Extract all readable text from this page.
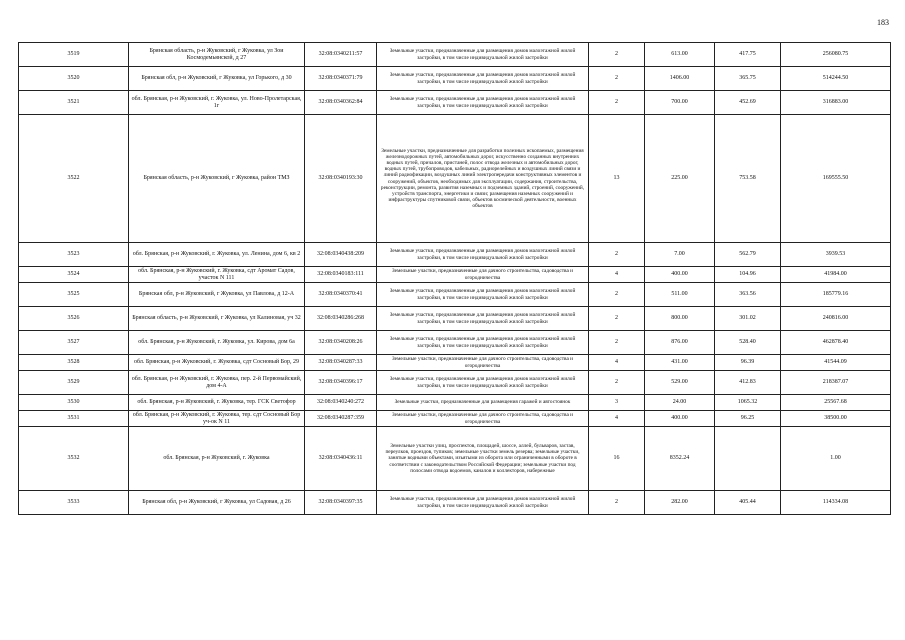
183
3519	Брянская область, р-н Жуковский, г Жуковка, ул Зои Космодемьянской, д 27	32:08:0340211:57	Земельные участки, предназначенные для размещения домов малоэтажной жилой застройки, в том числе индивидуальной жилой застройки	2	613.00	417.75	256080.75
3520	Брянская обл, р-н Жуковский, г Жуковка, ул Горького, д 30	32:08:0340371:79	Земельные участки, предназначенные для размещения домов малоэтажной жилой застройки, в том числе индивидуальной жилой застройки	2	1406.00	365.75	514244.50
3521	обл. Брянская, р-н Жуковский, г. Жуковка, ул. Ново-Пролетарская, 1г	32:08:0340362:84	Земельные участки, предназначенные для размещения домов малоэтажной жилой застройки, в том числе индивидуальной жилой застройки	2	700.00	452.69	316883.00
3522	Брянская область, р-н Жуковский, г Жуковка, район ТМЗ	32:08:0340193:30	Земельные участки, предназначенные для разработки полезных ископаемых, размещения железнодорожных путей, автомобильных дорог, искусственно созданных внутренних водных путей, причалов, пристаней, полос отвода железных и автомобильных дорог, водных путей, трубопроводов, кабельных, радиорелейных и воздушных линий связи и линий радиофикации, воздушных линий электропередачи конструктивных элементов и сооружений, объектов, необходимых для эксплуатации, содержания, строительства, реконструкции, ремонта, развития наземных и подземных зданий, строений, сооружений, устройств транспорта, энергетики и связи; размещения наземных сооружений и инфраструктуры спутниковой связи, объектов космической деятельности, военных объектов	13	225.00	753.58	169555.50
3523	обл. Брянская, р-н Жуковский, г. Жуковка, ул. Ленина, дом 6, кв 2	32:08:0340438:209	Земельные участки, предназначенные для размещения домов малоэтажной жилой застройки, в том числе индивидуальной жилой застройки	2	7.00	562.79	3939.53
3524	обл. Брянская, р-н Жуковский, г. Жуковка, сдт Аромат Садов, участок N 111	32:08:0340183:111	Земельные участки, предназначенные для дачного строительства, садоводства и огородничества	4	400.00	104.96	41984.00
3525	Брянская обл, р-н Жуковский, г Жуковка, ул Павлова, д 12-А	32:08:0340370:41	Земельные участки, предназначенные для размещения домов малоэтажной жилой застройки, в том числе индивидуальной жилой застройки	2	511.00	363.56	185779.16
3526	Брянская область, р-н Жуковский, г Жуковка, ул Калиновая, уч 32	32:08:0340286:268	Земельные участки, предназначенные для размещения домов малоэтажной жилой застройки, в том числе индивидуальной жилой застройки	2	800.00	301.02	240816.00
3527	обл. Брянская, р-н Жуковский, г. Жуковка, ул. Кирова, дом 6а	32:08:0340208:26	Земельные участки, предназначенные для размещения домов малоэтажной жилой застройки, в том числе индивидуальной жилой застройки	2	876.00	528.40	462878.40
3528	обл. Брянская, р-н Жуковский, г. Жуковка, сдт Сосновый Бор, 29	32:08:0340287:33	Земельные участки, предназначенные для дачного строительства, садоводства и огородничества	4	431.00	96.39	41544.09
3529	обл. Брянская, р-н Жуковский, г. Жуковка, пер. 2-й Первомайский, дом 4-А	32:08:0340396:17	Земельные участки, предназначенные для размещения домов малоэтажной жилой застройки, в том числе индивидуальной жилой застройки	2	529.00	412.83	218387.07
3530	обл. Брянская, р-н Жуковский, г. Жуковка, тер. ГСК Светофор	32:08:0340240:272	Земельные участки, предназначенные для размещения гаражей и автостоянок	3	24.00	1065.32	25567.68
3531	обл. Брянская, р-н Жуковский, г. Жуковка, тер. сдт Сосновый Бор уч-ок N 11	32:08:0340287:359	Земельные участки, предназначенные для дачного строительства, садоводства и огородничества	4	400.00	96.25	38500.00
3532	обл. Брянская, р-н Жуковский, г. Жуковка	32:08:0340436:11	Земельные участки улиц, проспектов, площадей, шоссе, аллей, бульваров, застав, переулков, проездов, тупиков; земельные участки земель резерва; земельные участки, занятые водными объектами, изъятыми из оборота или ограниченными в обороте в соответствии с законодательством Российской Федерации; земельные участки под полосами отвода водоемов, каналов и коллекторов, набережные	16	8352.24		1.00
3533	Брянская обл, р-н Жуковский, г Жуковка, ул Садовая, д 26	32:08:0340397:35	Земельные участки, предназначенные для размещения домов малоэтажной жилой застройки, в том числе индивидуальной жилой застройки	2	282.00	405.44	114334.08
